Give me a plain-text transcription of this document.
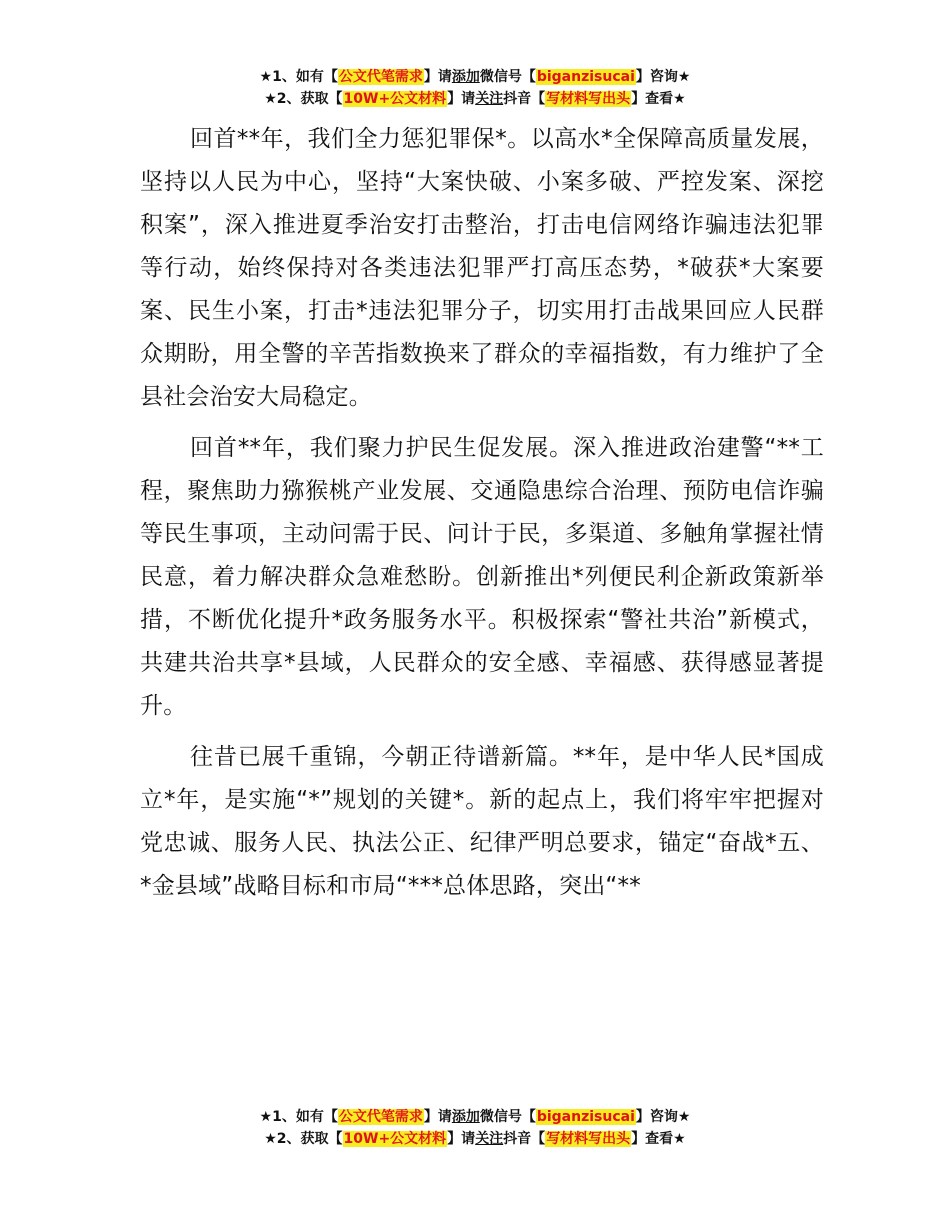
★1、如有【公文代笔需求】请添加微信号【biganzisucai】咨询★
★2、获取【10W+公文材料】请关注抖音【写材料写出头】查看★

回首**年，我们全力惩犯罪保*。以高水*全保障高质量发展，坚持以人民为中心，坚持“大案快破、小案多破、严控发案、深挖积案”，深入推进夏季治安打击整治，打击电信网络诈骗违法犯罪等行动，始终保持对各类违法犯罪严打高压态势，*破获*大案要案、民生小案，打击*违法犯罪分子，切实用打击战果回应人民群众期盼，用全警的辛苦指数换来了群众的幸福指数，有力维护了全县社会治安大局稳定。

回首**年，我们聚力护民生促发展。深入推进政治建警“**工程，聚焦助力猕猴桃产业发展、交通隐患综合治理、预防电信诈骗等民生事项，主动问需于民、问计于民，多渠道、多触角掌握社情民意，着力解决群众急难愁盼。创新推出*列便民利企新政策新举措，不断优化提升*政务服务水平。积极探索“警社共治”新模式，共建共治共享*县域，人民群众的安全感、幸福感、获得感显著提升。

往昔已展千重锦，今朝正待谱新篇。**年，是中华人民*国成立*年，是实施“*”规划的关键*。新的起点上，我们将牢牢把握对党忠诚、服务人民、执法公正、纪律严明总要求，锚定“奋战*五、*金县域”战略目标和市局“***总体思路，突出“**

★1、如有【公文代笔需求】请添加微信号【biganzisucai】咨询★
★2、获取【10W+公文材料】请关注抖音【写材料写出头】查看★
